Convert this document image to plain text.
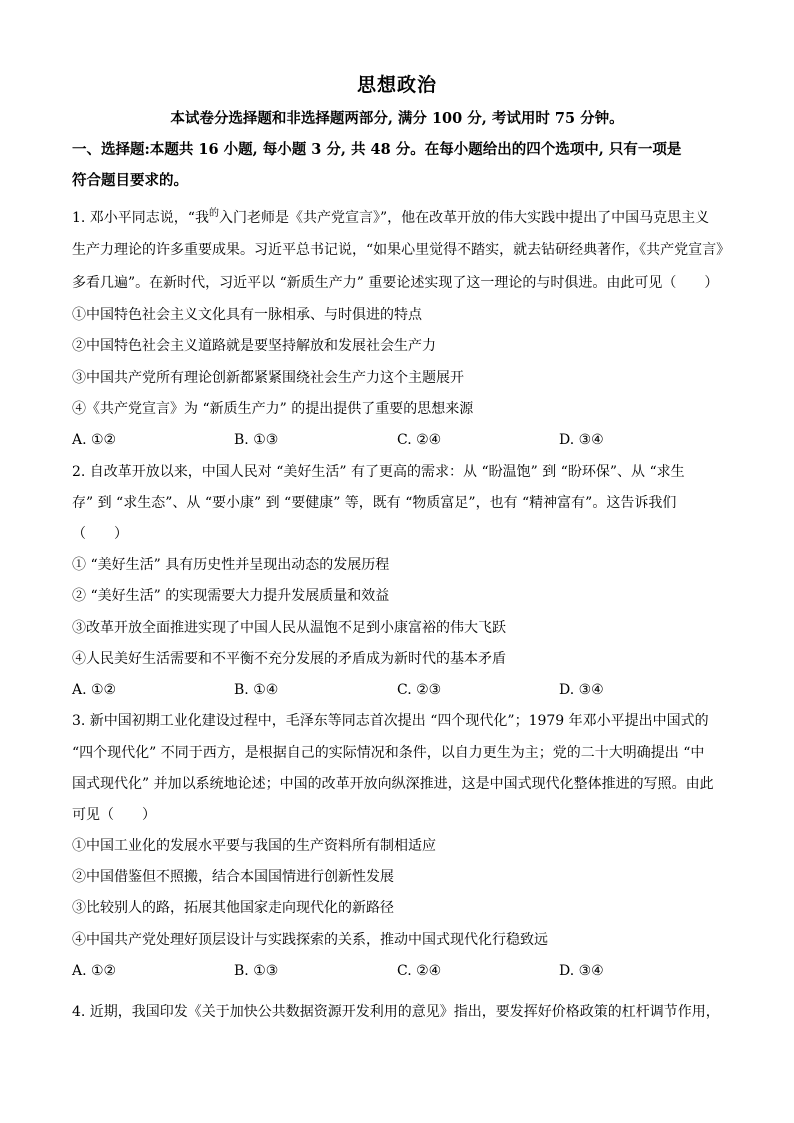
思想政治
本试卷分选择题和非选择题两部分, 满分 100 分, 考试用时 75 分钟。
一、选择题:本题共 16 小题, 每小题 3 分, 共 48 分。在每小题给出的四个选项中, 只有一项是
符合题目要求的。
1. 邓小平同志说，“我$^的$入门老师是《共产党宣言》”，他在改革开放的伟大实践中提出了中国马克思主义
生产力理论的许多重要成果。习近平总书记说，“如果心里觉得不踏实，就去钻研经典著作，《共产党宣言》
多看几遍”。在新时代，习近平以 “新质生产力” 重要论述实现了这一理论的与时俱进。由此可见（　　）
①中国特色社会主义文化具有一脉相承、与时俱进的特点
②中国特色社会主义道路就是要坚持解放和发展社会生产力
③中国共产党所有理论创新都紧紧围绕社会生产力这个主题展开
④《共产党宣言》为 “新质生产力” 的提出提供了重要的思想来源
A. ①②	B. ①③	C. ②④	D. ③④
2. 自改革开放以来，中国人民对 “美好生活” 有了更高的需求：从 “盼温饱” 到 “盼环保”、从 “求生
存” 到 “求生态”、从 “要小康” 到 “要健康” 等，既有 “物质富足”，也有 “精神富有”。这告诉我们
（　　）
① “美好生活” 具有历史性并呈现出动态的发展历程
② “美好生活” 的实现需要大力提升发展质量和效益
③改革开放全面推进实现了中国人民从温饱不足到小康富裕的伟大飞跃
④人民美好生活需要和不平衡不充分发展的矛盾成为新时代的基本矛盾
A. ①②	B. ①④	C. ②③	D. ③④
3. 新中国初期工业化建设过程中，毛泽东等同志首次提出 “四个现代化”；1979 年邓小平提出中国式的
“四个现代化” 不同于西方，是根据自己的实际情况和条件，以自力更生为主；党的二十大明确提出 “中
国式现代化” 并加以系统地论述；中国的改革开放向纵深推进，这是中国式现代化整体推进的写照。由此
可见（　　）
①中国工业化的发展水平要与我国的生产资料所有制相适应
②中国借鉴但不照搬，结合本国国情进行创新性发展
③比较别人的路，拓展其他国家走向现代化的新路径
④中国共产党处理好顶层设计与实践探索的关系，推动中国式现代化行稳致远
A. ①②	B. ①③	C. ②④	D. ③④
4. 近期，我国印发《关于加快公共数据资源开发利用的意见》指出，要发挥好价格政策的杠杆调节作用，
